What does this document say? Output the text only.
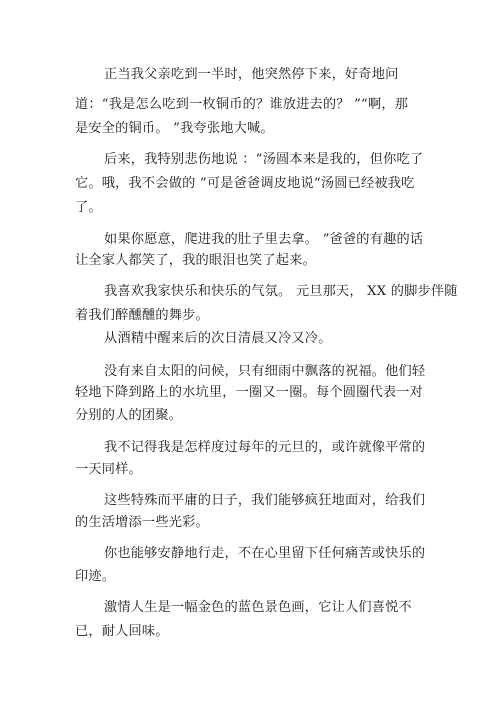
正当我父亲吃到一半时，他突然停下来，好奇地问
道：“我是怎么吃到一枚铜币的？谁放进去的？ ”“啊，那
是安全的铜币。 ”我夸张地大喊。
后来，我特别悲伤地说 ：“汤圆本来是我的，但你吃了
它。哦，我不会做的 ”可是爸爸调皮地说“汤圆已经被我吃
了。
如果你愿意，爬进我的肚子里去拿。 ”爸爸的有趣的话
让全家人都笑了，我的眼泪也笑了起来。
我喜欢我家快乐和快乐的气氛。 元旦那天， XX 的脚步伴随
着我们醉醺醺的舞步。
从酒精中醒来后的次日清晨又冷又冷。
没有来自太阳的问候，只有细雨中飘落的祝福。他们轻
轻地下降到路上的水坑里，一圈又一圈。每个圆圈代表一对
分别的人的团聚。
我不记得我是怎样度过每年的元旦的，或许就像平常的
一天同样。
这些特殊而平庸的日子，我们能够疯狂地面对，给我们
的生活增添一些光彩。
你也能够安静地行走，不在心里留下任何痛苦或快乐的
印迹。
激情人生是一幅金色的蓝色景色画，它让人们喜悦不
已，耐人回味。
